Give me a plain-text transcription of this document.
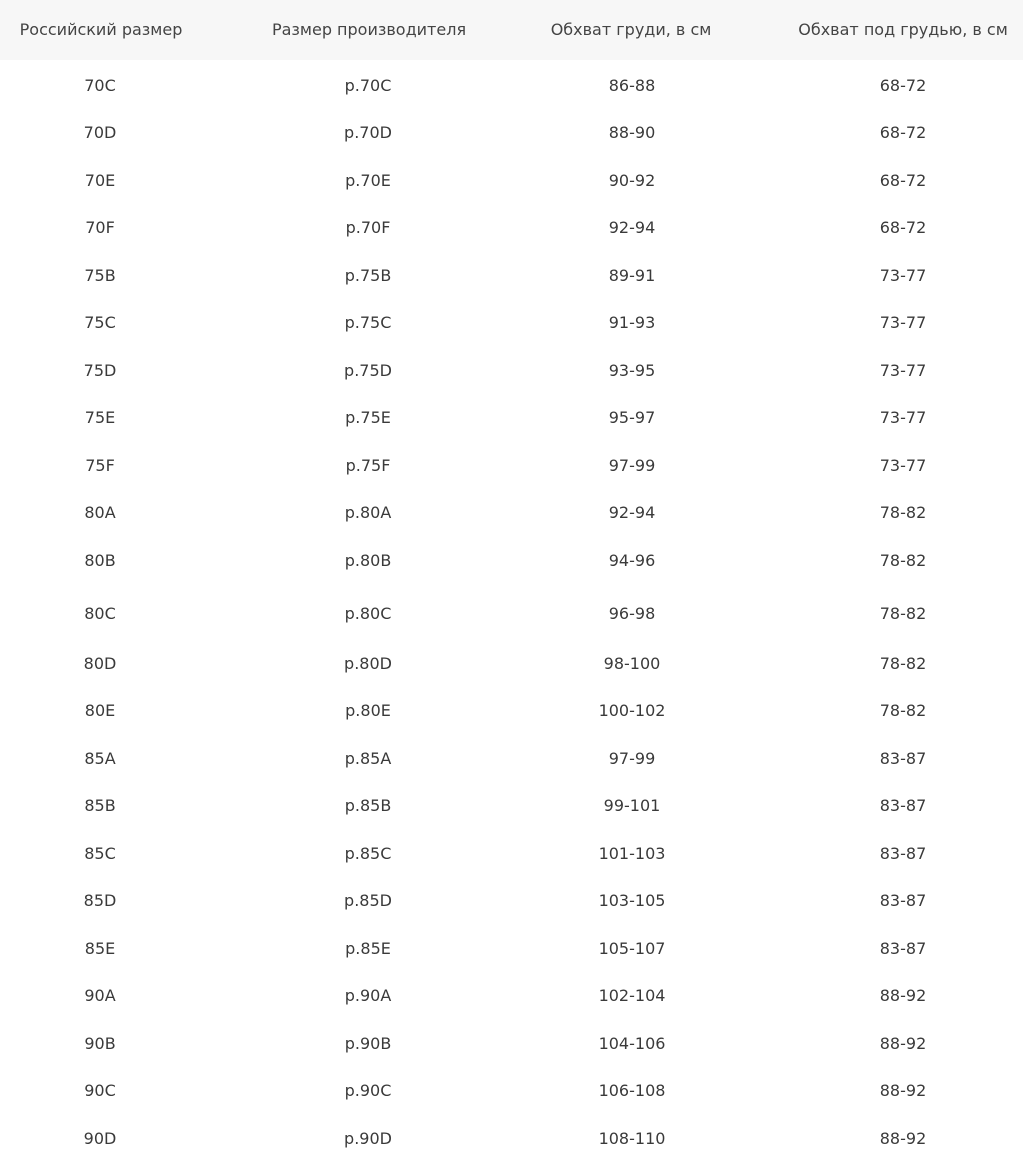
Российский размер	Размер производителя	Обхват груди, в см	Обхват под грудью, в см
70C	р.70С	86-88	68-72
70D	р.70D	88-90	68-72
70E	р.70Е	90-92	68-72
70F	р.70F	92-94	68-72
75B	р.75В	89-91	73-77
75C	р.75С	91-93	73-77
75D	р.75D	93-95	73-77
75E	р.75Е	95-97	73-77
75F	р.75F	97-99	73-77
80A	р.80А	92-94	78-82
80B	р.80В	94-96	78-82
80C	р.80С	96-98	78-82
80D	р.80D	98-100	78-82
80E	р.80Е	100-102	78-82
85A	р.85А	97-99	83-87
85B	р.85В	99-101	83-87
85C	р.85С	101-103	83-87
85D	р.85D	103-105	83-87
85E	р.85Е	105-107	83-87
90A	р.90А	102-104	88-92
90B	р.90В	104-106	88-92
90C	р.90С	106-108	88-92
90D	р.90D	108-110	88-92
